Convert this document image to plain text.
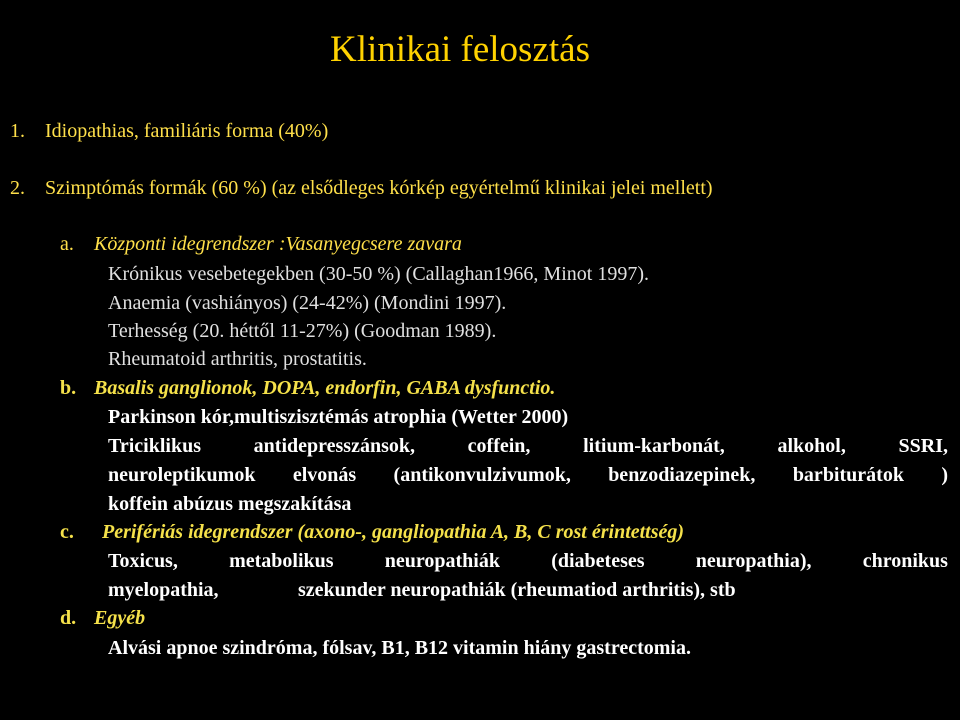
Klinikai felosztás
1. Idiopathias, familiáris forma (40%)
2. Szimptómás formák (60 %) (az elsődleges kórkép egyértelmű klinikai jelei mellett)
a. Központi idegrendszer :Vasanyegcsere zavara
Krónikus vesebetegekben (30-50 %) (Callaghan1966, Minot 1997).
Anaemia (vashiányos) (24-42%) (Mondini 1997).
Terhesség (20. héttől 11-27%) (Goodman 1989).
Rheumatoid arthritis, prostatitis.
b. Basalis ganglionok, DOPA, endorfin, GABA dysfunctio.
Parkinson kór,multiszisztémás atrophia (Wetter 2000)
Triciklikus	antidepresszánsok,	coffein,	litium-karbonát,	alkohol,	SSRI,
neuroleptikumok elvonás (antikonvulzivumok, benzodiazepinek, barbiturátok )
koffein abúzus megszakítása
c. Perifériás idegrendszer (axono-, gangliopathia A, B, C rost érintettség)
Toxicus,	metabolikus	neuropathiák	(diabeteses	neuropathia),	chronikus
myelopathia,	szekunder neuropathiák (rheumatiod arthritis), stb
d. Egyéb
Alvási apnoe szindróma, fólsav, B1, B12 vitamin hiány gastrectomia.
